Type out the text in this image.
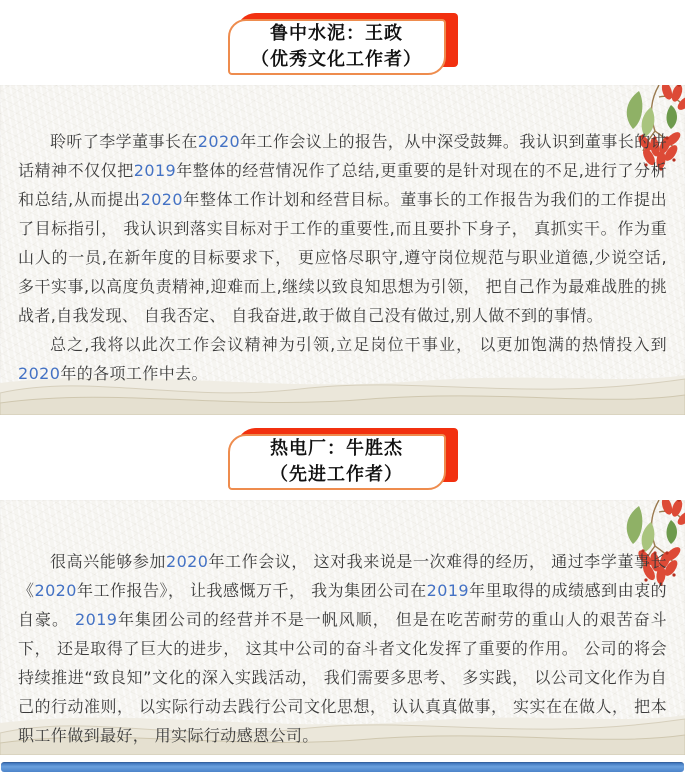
鲁中水泥：王政
（优秀文化工作者）

聆听了李学董事长在2020年工作会议上的报告，从中深受鼓舞。我认识到董事长的讲话精神不仅仅把2019年整体的经营情况作了总结,更重要的是针对现在的不足,进行了分析和总结,从而提出2020年整体工作计划和经营目标。董事长的工作报告为我们的工作提出了目标指引， 我认识到落实目标对于工作的重要性,而且要扑下身子， 真抓实干。作为重山人的一员,在新年度的目标要求下， 更应恪尽职守,遵守岗位规范与职业道德,少说空话,多干实事,以高度负责精神,迎难而上,继续以致良知思想为引领， 把自己作为最难战胜的挑战者,自我发现、 自我否定、 自我奋进,敢于做自己没有做过,别人做不到的事情。

总之,我将以此次工作会议精神为引领,立足岗位干事业， 以更加饱满的热情投入到2020年的各项工作中去。

热电厂：牛胜杰
（先进工作者）

很高兴能够参加2020年工作会议， 这对我来说是一次难得的经历， 通过李学董事长《2020年工作报告》， 让我感慨万千， 我为集团公司在2019年里取得的成绩感到由衷的自豪。 2019年集团公司的经营并不是一帆风顺， 但是在吃苦耐劳的重山人的艰苦奋斗下， 还是取得了巨大的进步， 这其中公司的奋斗者文化发挥了重要的作用。 公司的将会持续推进“致良知”文化的深入实践活动， 我们需要多思考、 多实践， 以公司文化作为自己的行动准则， 以实际行动去践行公司文化思想， 认认真真做事， 实实在在做人， 把本职工作做到最好， 用实际行动感恩公司。
